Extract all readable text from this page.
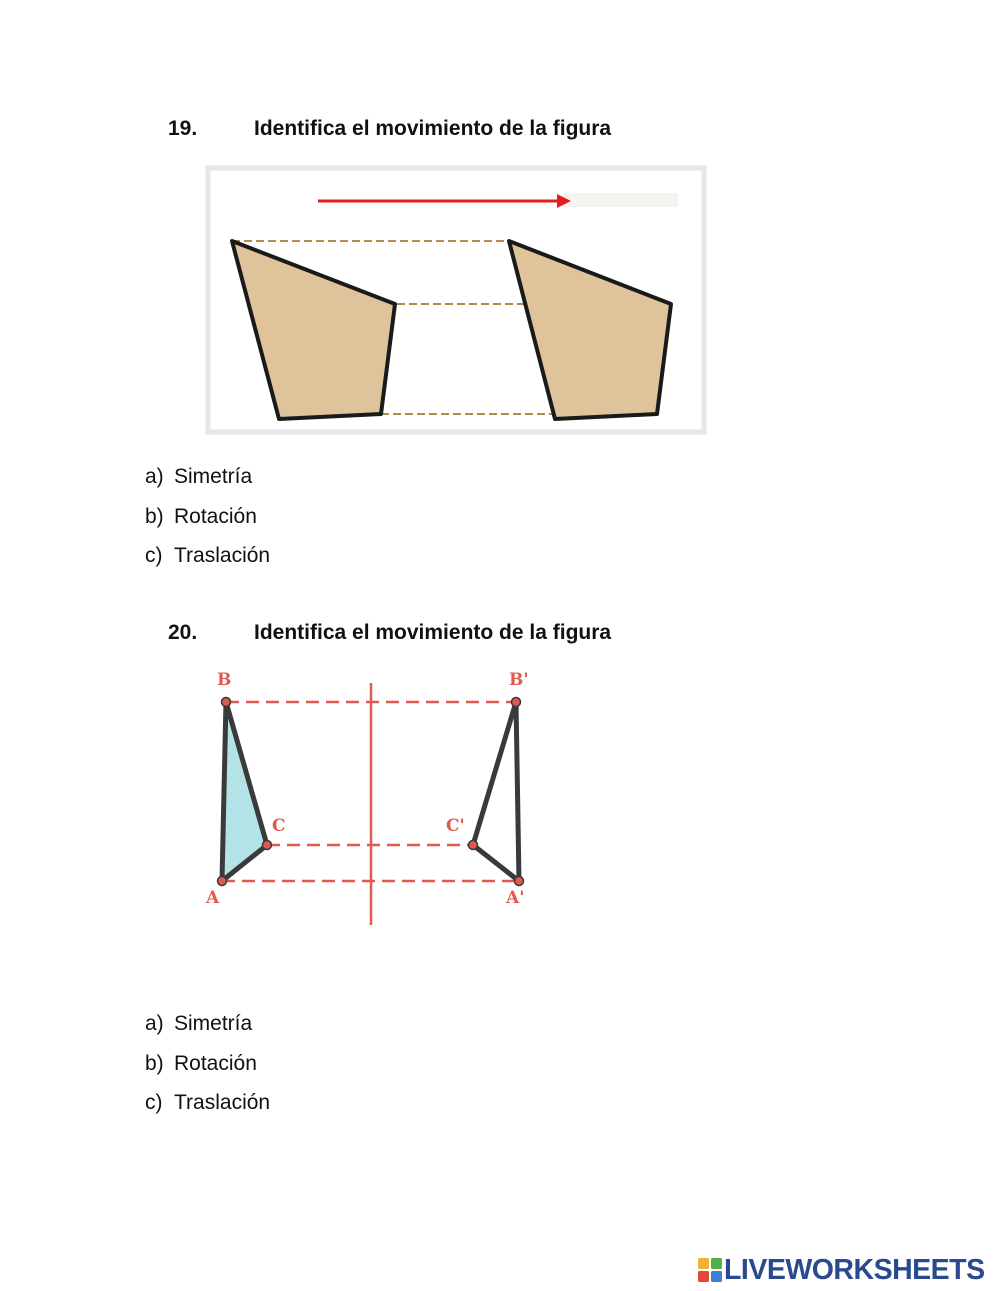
19.	Identifica el movimiento de la figura
a) Simetría
b) Rotación
c) Traslación
20.	Identifica el movimiento de la figura
B
C
A
B'
C'
A'
a) Simetría
b) Rotación
c) Traslación
LIVEWORKSHEETS
